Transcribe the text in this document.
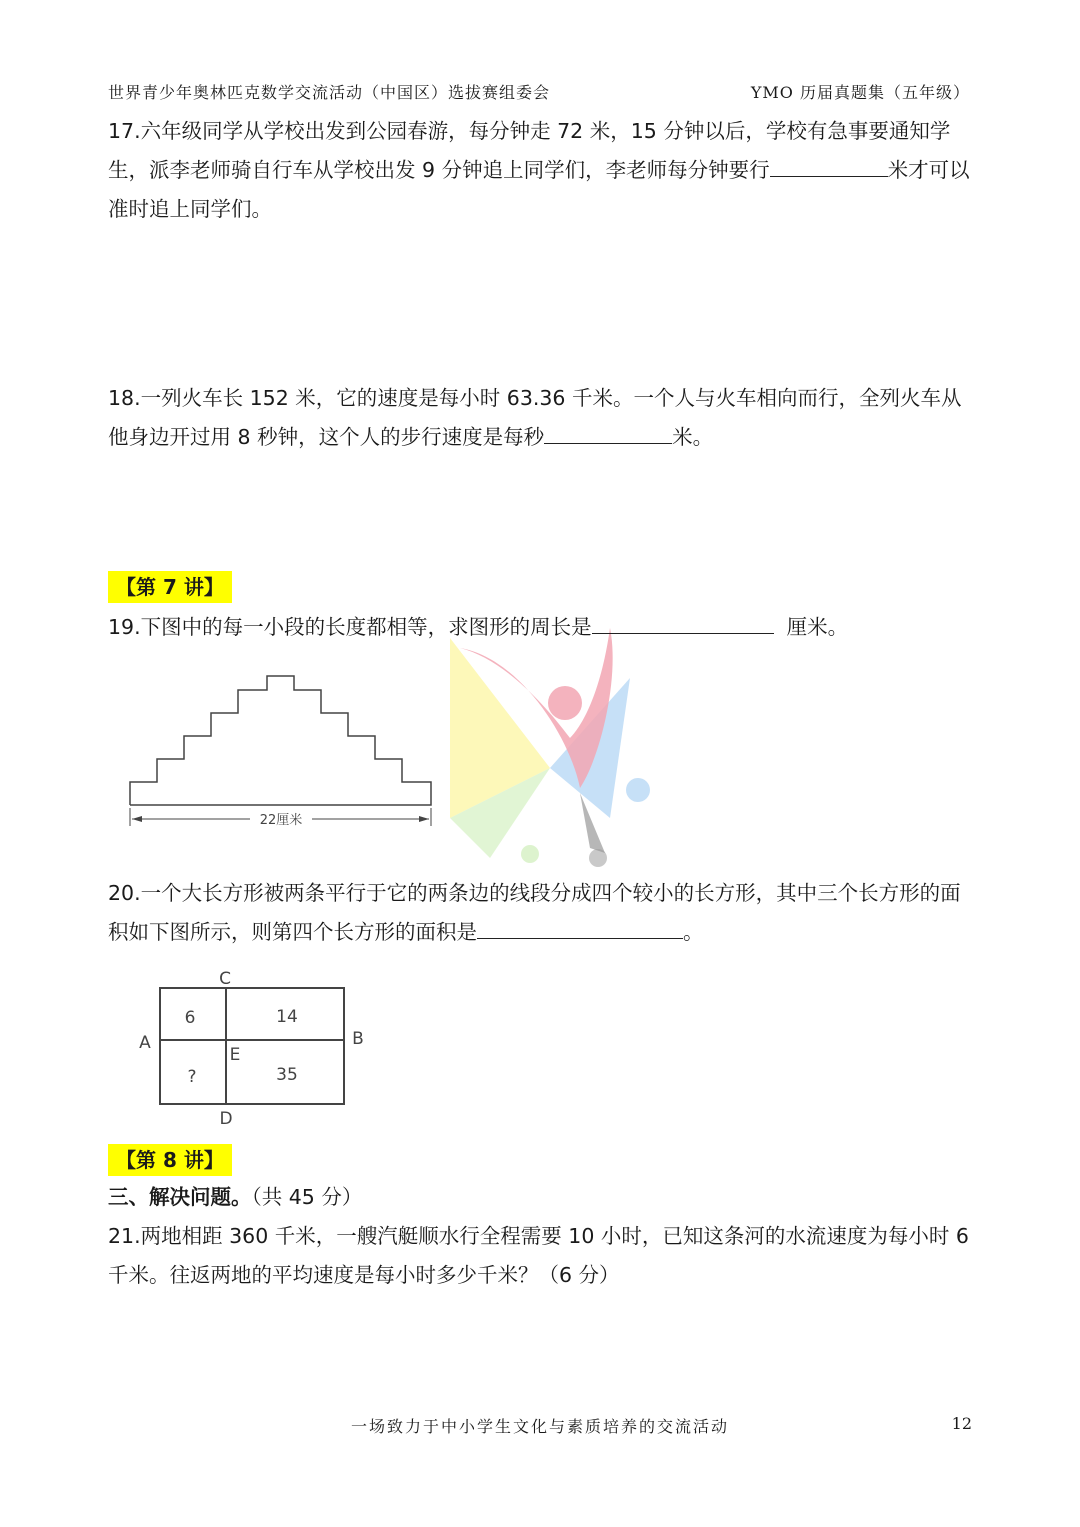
世界青少年奥林匹克数学交流活动（中国区）选拔赛组委会	YMO 历届真题集（五年级）
17.六年级同学从学校出发到公园春游，每分钟走 72 米，15 分钟以后，学校有急事要通知学生，派李老师骑自行车从学校出发 9 分钟追上同学们，李老师每分钟要行	米才可以准时追上同学们。
18.一列火车长 152 米，它的速度是每小时 63.36 千米。一个人与火车相向而行，全列火车从他身边开过用 8 秒钟，这个人的步行速度是每秒	米。
【第 7 讲】
19.下图中的每一小段的长度都相等，求图形的周长是	厘米。
22厘米
20.一个大长方形被两条平行于它的两条边的线段分成四个较小的长方形，其中三个长方形的面积如下图所示，则第四个长方形的面积是	。
C
A	B
D
E
6	14
?	35
【第 8 讲】
三、解决问题。（共 45 分）
21.两地相距 360 千米，一艘汽艇顺水行全程需要 10 小时，已知这条河的水流速度为每小时 6 千米。往返两地的平均速度是每小时多少千米？（6 分）
一场致力于中小学生文化与素质培养的交流活动	12
